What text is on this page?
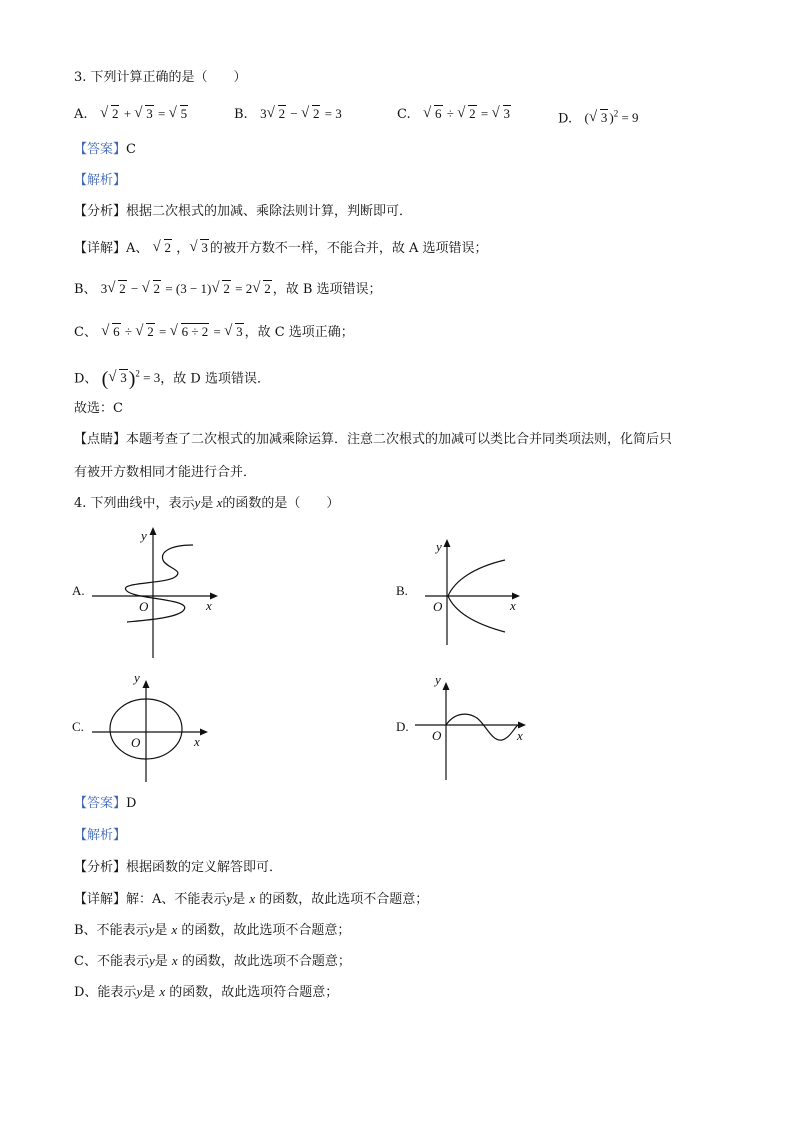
3. 下列计算正确的是（　　）
A. √ 2 + √ 3 = √ 5	B. 3 √ 2 − √ 2 = 3	C. √ 6 ÷ √ 2 = √ 3	D. ( √ 3 )$^2$ = 9
【答案】C
【解析】
【分析】根据二次根式的加减、乘除法则计算，判断即可．
【详解】A、 √ 2 ， √ 3 的被开方数不一样，不能合并，故 A 选项错误；
B、 3 √ 2 − √ 2 = (3 − 1) √ 2 = 2 √ 2 ，故 B 选项错误；
C、 √ 6 ÷ √ 2 = √ 6 ÷ 2 = √ 3 ，故 C 选项正确；
D、 ( √ 3 )$^2$ = 3，故 D 选项错误．
故选：C
【点睛】本题考查了二次根式的加减乘除运算．注意二次根式的加减可以类比合并同类项法则，化简后只
有被开方数相同才能进行合并．
4. 下列曲线中，表示y是 x的函数的是（　　）
A.
y
x
O
B.
y
x
O
C.
y
x
O
D.
y
x
O
【答案】D
【解析】
【分析】根据函数的定义解答即可．
【详解】解：A、不能表示y是 x 的函数，故此选项不合题意；
B、不能表示y是 x 的函数，故此选项不合题意；
C、不能表示y是 x 的函数，故此选项不合题意；
D、能表示y是 x 的函数，故此选项符合题意；
